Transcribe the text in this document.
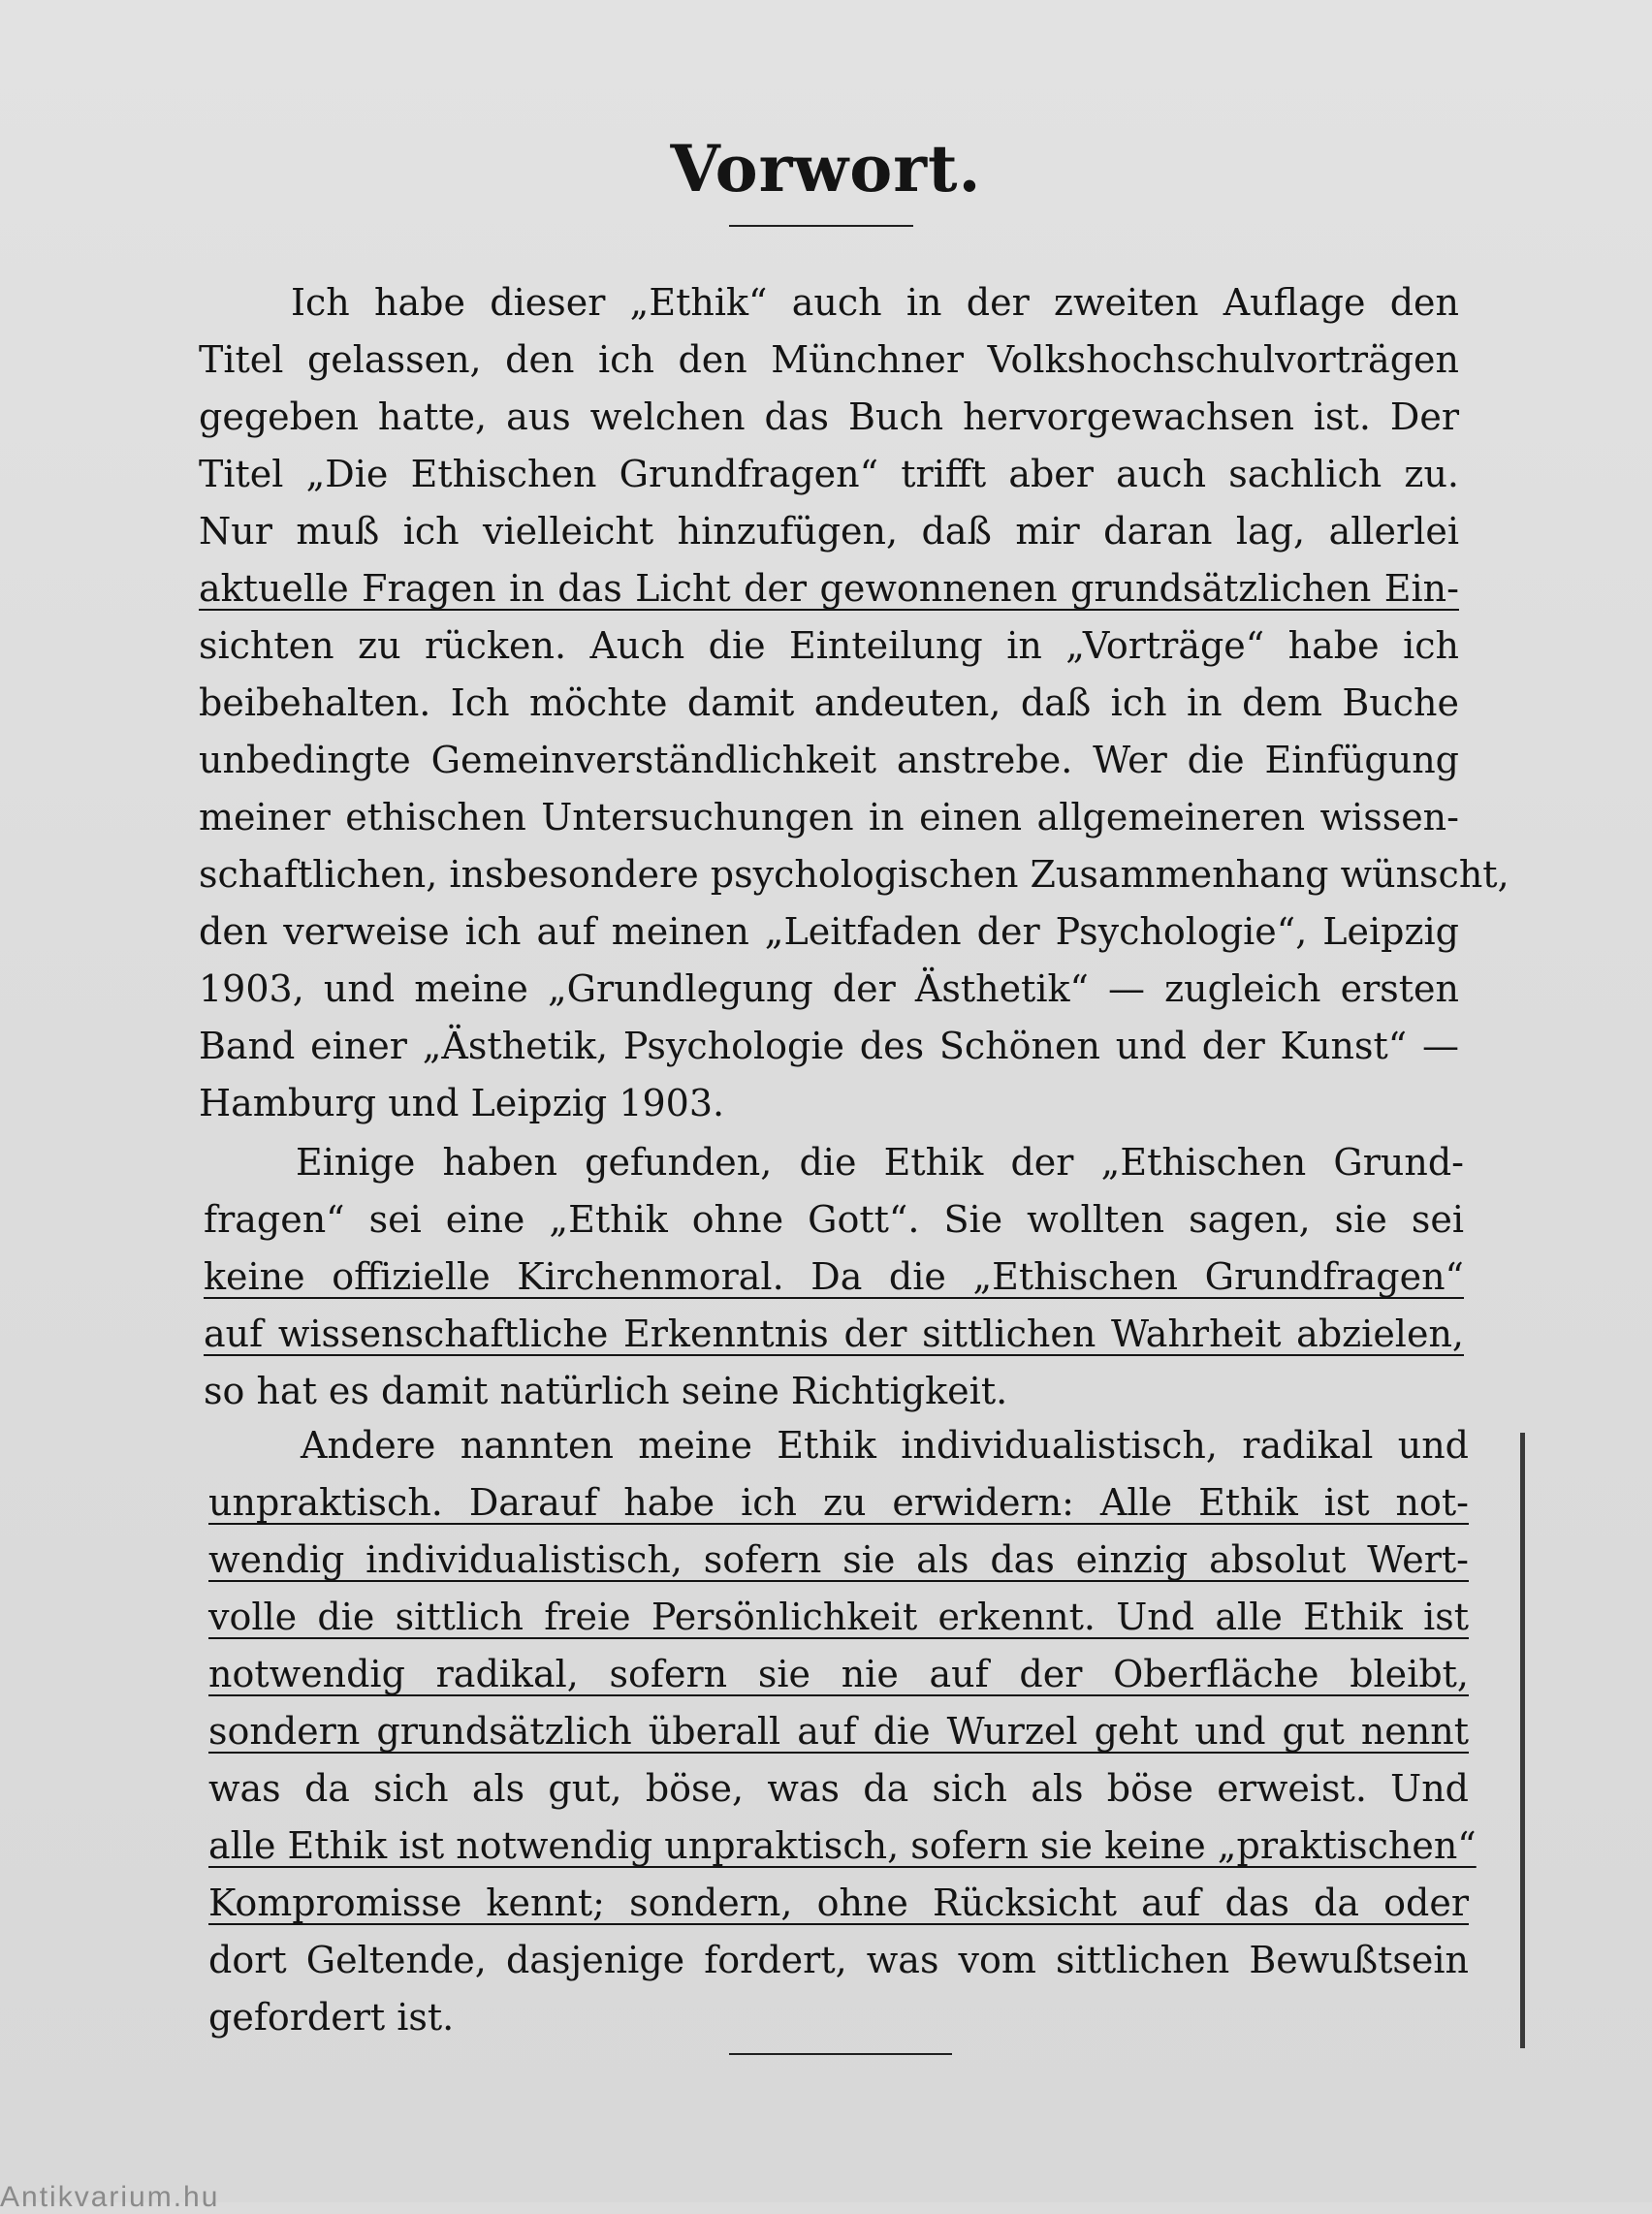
Vorwort.

Ich habe dieser „Ethik“ auch in der zweiten Auflage den
Titel gelassen, den ich den Münchner Volkshochschulvorträgen
gegeben hatte, aus welchen das Buch hervorgewachsen ist. Der
Titel „Die Ethischen Grundfragen“ trifft aber auch sachlich zu.
Nur muß ich vielleicht hinzufügen, daß mir daran lag, allerlei
aktuelle Fragen in das Licht der gewonnenen grundsätzlichen Ein-
sichten zu rücken. Auch die Einteilung in „Vorträge“ habe ich
beibehalten. Ich möchte damit andeuten, daß ich in dem Buche
unbedingte Gemeinverständlichkeit anstrebe. Wer die Einfügung
meiner ethischen Untersuchungen in einen allgemeineren wissen-
schaftlichen, insbesondere psychologischen Zusammenhang wünscht,
den verweise ich auf meinen „Leitfaden der Psychologie“, Leipzig
1903, und meine „Grundlegung der Ästhetik“ — zugleich ersten
Band einer „Ästhetik, Psychologie des Schönen und der Kunst“ —
Hamburg und Leipzig 1903.

Einige haben gefunden, die Ethik der „Ethischen Grund-
fragen“ sei eine „Ethik ohne Gott“. Sie wollten sagen, sie sei
keine offizielle Kirchenmoral. Da die „Ethischen Grundfragen“
auf wissenschaftliche Erkenntnis der sittlichen Wahrheit abzielen,
so hat es damit natürlich seine Richtigkeit.

Andere nannten meine Ethik individualistisch, radikal und
unpraktisch. Darauf habe ich zu erwidern: Alle Ethik ist not-
wendig individualistisch, sofern sie als das einzig absolut Wert-
volle die sittlich freie Persönlichkeit erkennt. Und alle Ethik ist
notwendig radikal, sofern sie nie auf der Oberfläche bleibt,
sondern grundsätzlich überall auf die Wurzel geht und gut nennt
was da sich als gut, böse, was da sich als böse erweist. Und
alle Ethik ist notwendig unpraktisch, sofern sie keine „praktischen“
Kompromisse kennt; sondern, ohne Rücksicht auf das da oder
dort Geltende, dasjenige fordert, was vom sittlichen Bewußtsein
gefordert ist.

Antikvarium.hu
